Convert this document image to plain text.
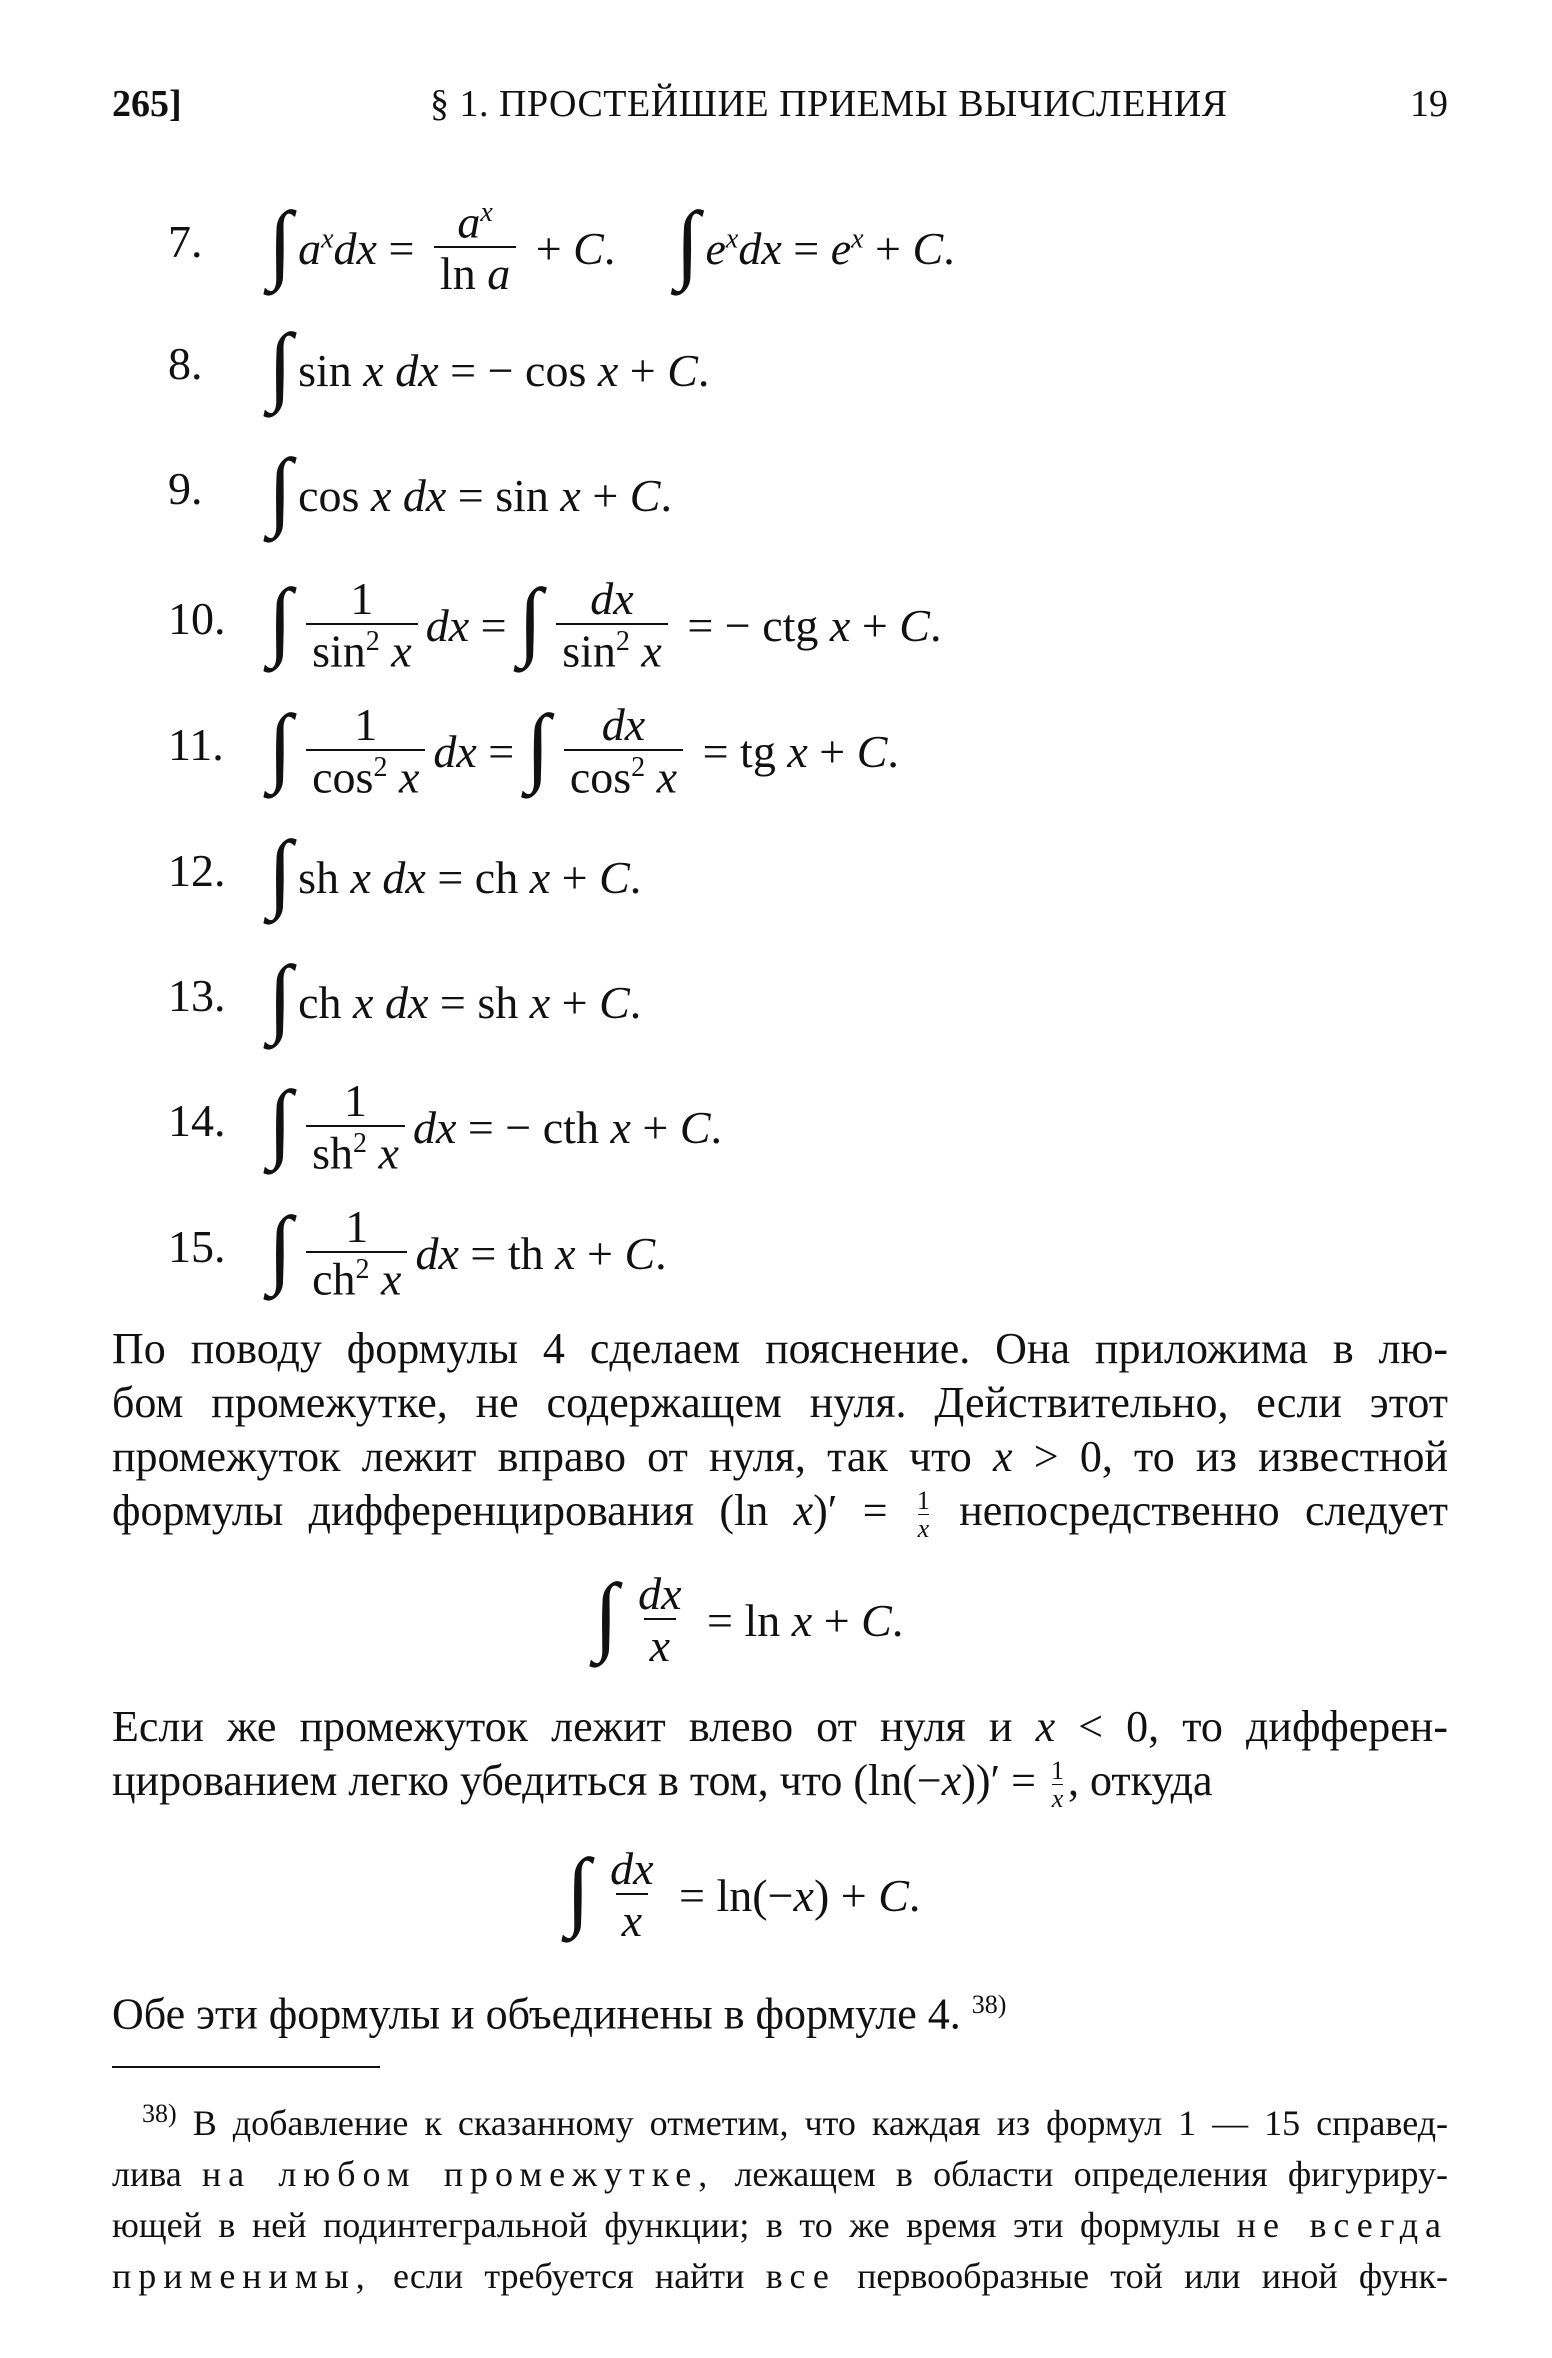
265]	§ 1. ПРОСТЕЙШИЕ ПРИЕМЫ ВЫЧИСЛЕНИЯ	19
7. ∫ $a^xdx = \frac{a^x}{\text{ln a}} + C$ . ∫ $e^xdx = e^x + C$ .
8. ∫ sin x dx = − cos x + C .
9. ∫ cos x dx = sin x + C .
10. ∫ $\frac{1}{\sin^2 x}$ dx = ∫ $\frac{dx}{\sin^2 x}$ = − ctg x + C .
11. ∫ $\frac{1}{\cos^2 x}$ dx = ∫ $\frac{dx}{\cos^2 x}$ = tg x + C .
12. ∫ sh x dx = ch x + C .
13. ∫ ch x dx = sh x + C .
14. ∫ $\frac{1}{sh^2 x}$ dx = − cth x + C .
15. ∫ $\frac{1}{ch^2 x}$ dx = th x + C .
По поводу формулы 4 сделаем пояснение. Она приложима в лю-
бом промежутке, не содержащем нуля. Действительно, если этот
промежуток лежит вправо от нуля, так что x > 0, то из известной
формулы дифференцирования (ln $x)' = \frac{1}{x}$ непосредственно следует
∫ $\frac{dx}{x} = \ln x + C$ .
Если же промежуток лежит влево от нуля и x < 0, то дифферен-
цированием легко убедиться в том, что $(\ln(-x))' = \frac{1}{x}$ , откуда
∫ $\frac{dx}{x} = \ln(- x$ ) + C .
Обе эти формулы и объединены в формуле 4. $^{38)}$
$^{38)}$ В добавление к сказанному отметим, что каждая из формул 1 — 15 справед-
лива на любом промежутке, лежащем в области определения фигуриру-
ющей в ней подинтегральной функции; в то же время эти формулы не всегда
применимы, если требуется найти все первообразные той или иной функ-
